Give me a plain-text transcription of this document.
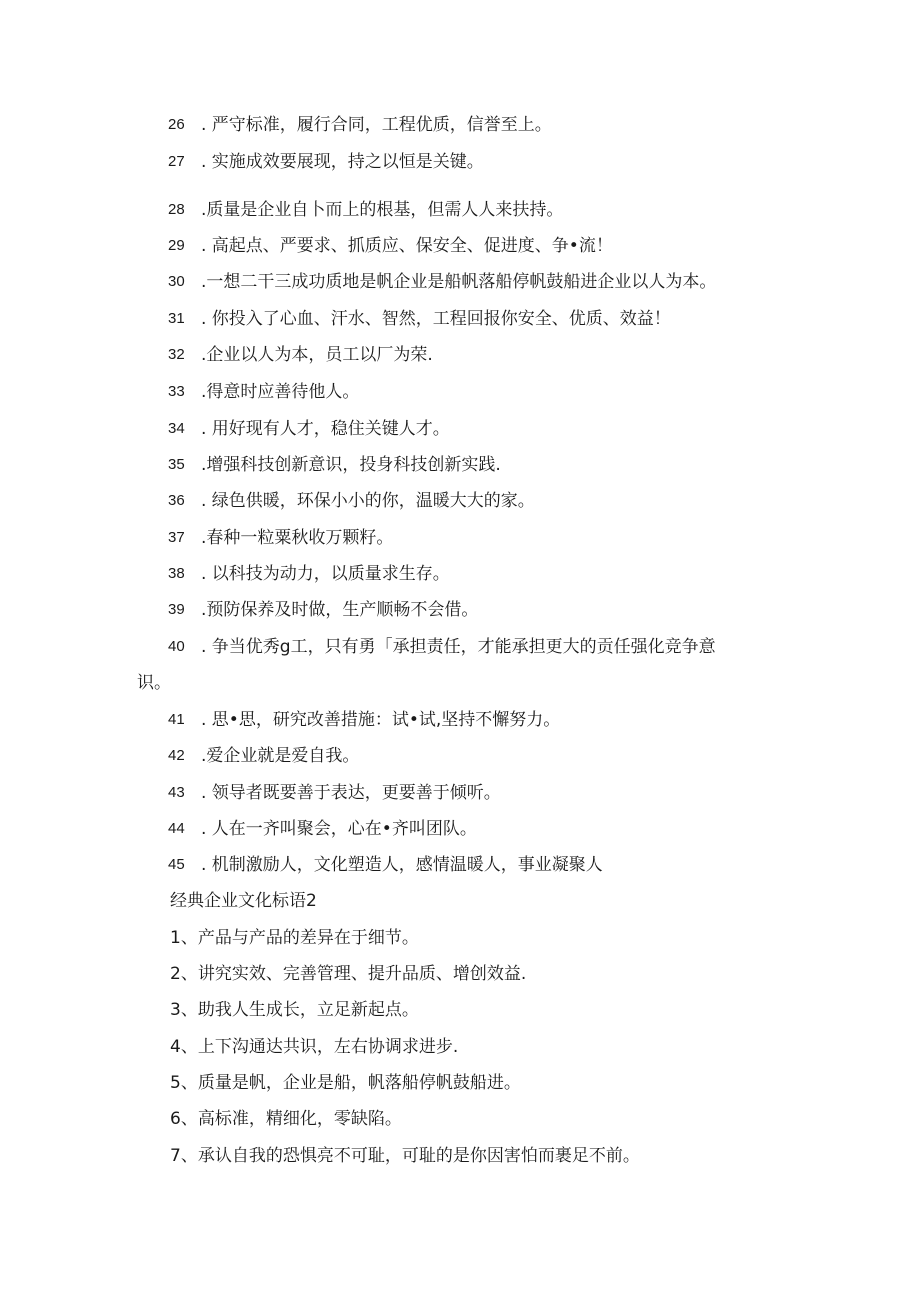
26 . 严守标准，履行合同，工程优质，信誉至上。
27 . 实施成效要展现，持之以恒是关键。
28 .质量是企业自卜而上的根基，但需人人来扶持。
29 . 高起点、严要求、抓质应、保安全、促进度、争•流！
30 .一想二干三成功质地是帆企业是船帆落船停帆鼓船进企业以人为本。
31 . 你投入了心血、汗水、智然，工程回报你安全、优质、效益！
32 .企业以人为本，员工以厂为荣.
33 .得意时应善待他人。
34 . 用好现有人才，稳住关键人才。
35 .增强科技创新意识，投身科技创新实践.
36 . 绿色供暖，环保小小的你，温暖大大的家。
37 .春种一粒粟秋收万颗籽。
38 . 以科技为动力，以质量求生存。
39 .预防保养及时做，生产顺畅不会借。
40 . 争当优秀g工，只有勇「承担责任，才能承担更大的贡任强化竞争意
识。
41 . 思•思，研究改善措施：试•试,坚持不懈努力。
42 .爱企业就是爱自我。
43 . 领导者既要善于表达，更要善于倾听。
44 . 人在一齐叫聚会，心在•齐叫团队。
45 . 机制激励人，文化塑造人，感情温暖人，事业凝聚人
经典企业文化标语2
1、产品与产品的差异在于细节。
2、讲究实效、完善管理、提升品质、增创效益.
3、助我人生成长，立足新起点。
4、上下沟通达共识，左右协调求进步.
5、质量是帆，企业是船，帆落船停帆鼓船进。
6、高标准，精细化，零缺陷。
7、承认自我的恐惧亮不可耻，可耻的是你因害怕而裹足不前。
